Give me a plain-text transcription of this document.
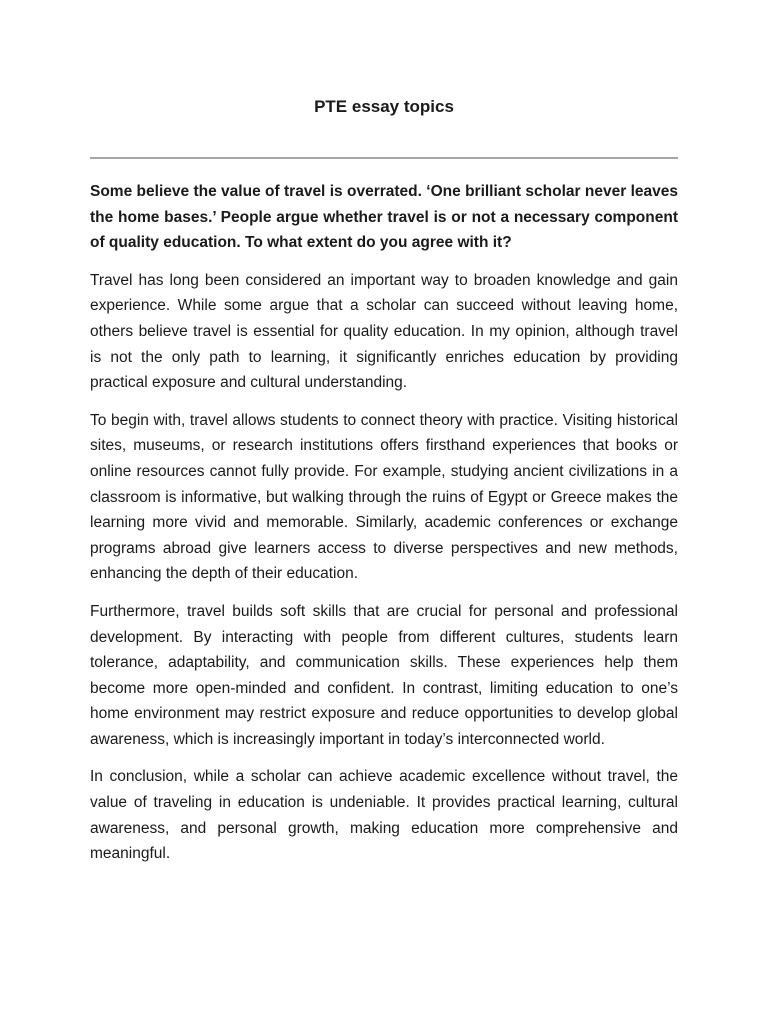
PTE essay topics

Some believe the value of travel is overrated. ‘One brilliant scholar never leaves the home bases.’ People argue whether travel is or not a necessary component of quality education. To what extent do you agree with it?

Travel has long been considered an important way to broaden knowledge and gain experience. While some argue that a scholar can succeed without leaving home, others believe travel is essential for quality education. In my opinion, although travel is not the only path to learning, it significantly enriches education by providing practical exposure and cultural understanding.

To begin with, travel allows students to connect theory with practice. Visiting historical sites, museums, or research institutions offers firsthand experiences that books or online resources cannot fully provide. For example, studying ancient civilizations in a classroom is informative, but walking through the ruins of Egypt or Greece makes the learning more vivid and memorable. Similarly, academic conferences or exchange programs abroad give learners access to diverse perspectives and new methods, enhancing the depth of their education.

Furthermore, travel builds soft skills that are crucial for personal and professional development. By interacting with people from different cultures, students learn tolerance, adaptability, and communication skills. These experiences help them become more open-minded and confident. In contrast, limiting education to one’s home environment may restrict exposure and reduce opportunities to develop global awareness, which is increasingly important in today’s interconnected world.

In conclusion, while a scholar can achieve academic excellence without travel, the value of traveling in education is undeniable. It provides practical learning, cultural awareness, and personal growth, making education more comprehensive and meaningful.
